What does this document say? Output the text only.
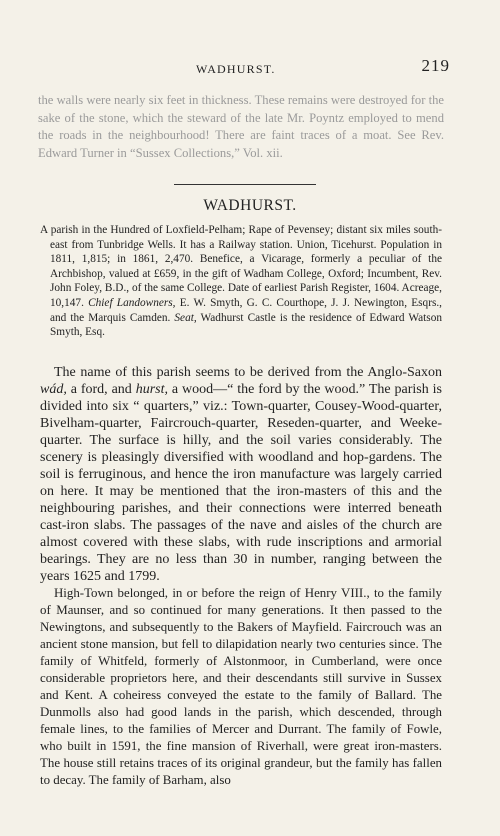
WADHURST.	219
the walls were nearly six feet in thickness. These remains were destroyed for the sake of the stone, which the steward of the late Mr. Poyntz employed to mend the roads in the neighbourhood! There are faint traces of a moat. See Rev. Edward Turner in “Sussex Collections,” Vol. xii.
WADHURST.

A parish in the Hundred of Loxfield-Pelham; Rape of Pevensey; distant six miles south-east from Tunbridge Wells. It has a Railway station. Union, Ticehurst. Population in 1811, 1,815; in 1861, 2,470. Benefice, a Vicarage, formerly a peculiar of the Archbishop, valued at £659, in the gift of Wadham College, Oxford; Incumbent, Rev. John Foley, B.D., of the same College. Date of earliest Parish Register, 1604. Acreage, 10,147. Chief Landowners, E. W. Smyth, G. C. Courthope, J. J. Newington, Esqrs., and the Marquis Camden. Seat, Wadhurst Castle is the residence of Edward Watson Smyth, Esq.

The name of this parish seems to be derived from the Anglo-Saxon wád, a ford, and hurst, a wood—“ the ford by the wood.” The parish is divided into six “ quarters,” viz.: Town-quarter, Cousey-Wood-quarter, Bivelham-quarter, Faircrouch-quarter, Reseden-quarter, and Weeke-quarter. The surface is hilly, and the soil varies considerably. The scenery is pleasingly diversified with woodland and hop-gardens. The soil is ferruginous, and hence the iron manufacture was largely carried on here. It may be mentioned that the iron-masters of this and the neighbouring parishes, and their connections were interred beneath cast-iron slabs. The passages of the nave and aisles of the church are almost covered with these slabs, with rude inscriptions and armorial bearings. They are no less than 30 in number, ranging between the years 1625 and 1799.

High-Town belonged, in or before the reign of Henry VIII., to the family of Maunser, and so continued for many generations. It then passed to the Newingtons, and subsequently to the Bakers of Mayfield. Faircrouch was an ancient stone mansion, but fell to dilapidation nearly two centuries since. The family of Whitfeld, formerly of Alstonmoor, in Cumberland, were once considerable proprietors here, and their descendants still survive in Sussex and Kent. A coheiress conveyed the estate to the family of Ballard. The Dunmolls also had good lands in the parish, which descended, through female lines, to the families of Mercer and Durrant. The family of Fowle, who built in 1591, the fine mansion of Riverhall, were great iron-masters. The house still retains traces of its original grandeur, but the family has fallen to decay. The family of Barham, also
